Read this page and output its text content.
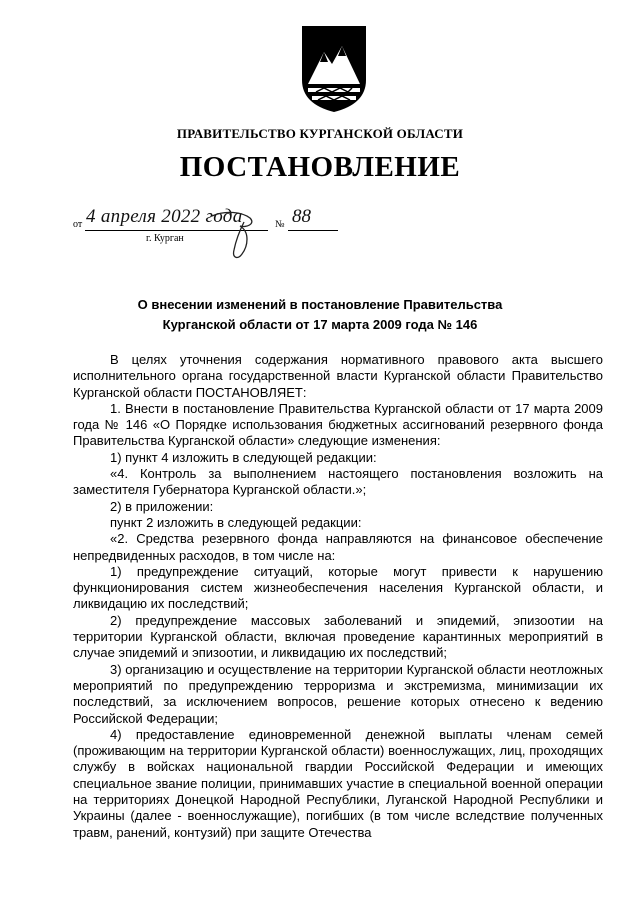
ПРАВИТЕЛЬСТВО КУРГАНСКОЙ ОБЛАСТИ
ПОСТАНОВЛЕНИЕ
от 4 апреля 2022 года	№ 88
г. Курган
О внесении изменений в постановление Правительства
Курганской области от 17 марта 2009 года № 146

В целях уточнения содержания нормативного правового акта высшего исполнительного органа государственной власти Курганской области Правительство Курганской области ПОСТАНОВЛЯЕТ:

1. Внести в постановление Правительства Курганской области от 17 марта 2009 года № 146 «О Порядке использования бюджетных ассигнований резервного фонда Правительства Курганской области» следующие изменения:

1) пункт 4 изложить в следующей редакции:

«4. Контроль за выполнением настоящего постановления возложить на заместителя Губернатора Курганской области.»;

2) в приложении:

пункт 2 изложить в следующей редакции:

«2. Средства резервного фонда направляются на финансовое обеспечение непредвиденных расходов, в том числе на:

1) предупреждение ситуаций, которые могут привести к нарушению функционирования систем жизнеобеспечения населения Курганской области, и ликвидацию их последствий;

2) предупреждение массовых заболеваний и эпидемий, эпизоотии на территории Курганской области, включая проведение карантинных мероприятий в случае эпидемий и эпизоотии, и ликвидацию их последствий;

3) организацию и осуществление на территории Курганской области неотложных мероприятий по предупреждению терроризма и экстремизма, минимизации их последствий, за исключением вопросов, решение которых отнесено к ведению Российской Федерации;

4) предоставление единовременной денежной выплаты членам семей (проживающим на территории Курганской области) военнослужащих, лиц, проходящих службу в войсках национальной гвардии Российской Федерации и имеющих специальное звание полиции, принимавших участие в специальной военной операции на территориях Донецкой Народной Республики, Луганской Народной Республики и Украины (далее - военнослужащие), погибших (в том числе вследствие полученных травм, ранений, контузий) при защите Отечества
